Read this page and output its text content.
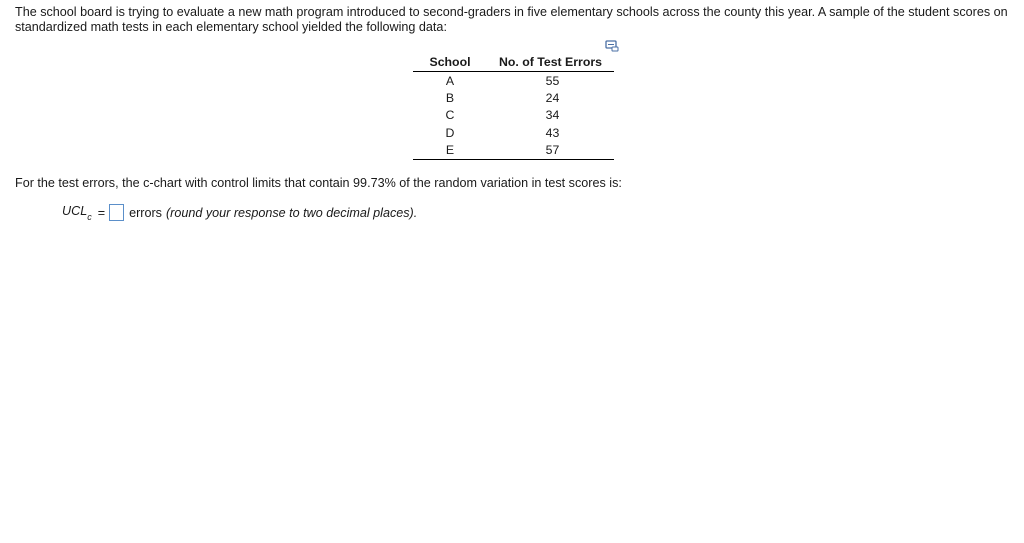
The school board is trying to evaluate a new math program introduced to second-graders in five elementary schools across the county this year. A sample of the student scores on standardized math tests in each elementary school yielded the following data:

School	No. of Test Errors
A	55
B	24
C	34
D	43
E	57

For the test errors, the c-chart with control limits that contain 99.73% of the random variation in test scores is:

$UCL_c$ = errors (round your response to two decimal places).
